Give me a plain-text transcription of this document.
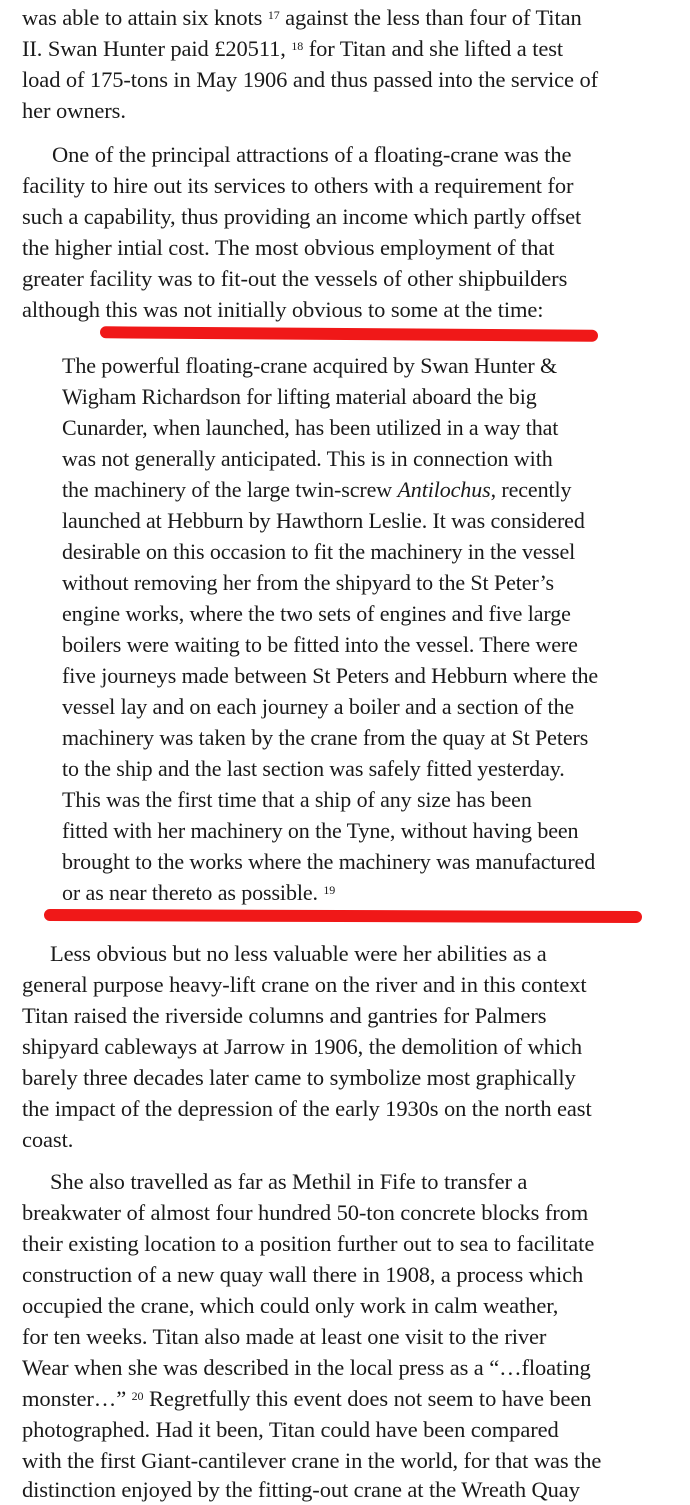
was able to attain six knots $^{17}$ against the less than four of Titan
II. Swan Hunter paid £20511, $^{18}$ for Titan and she lifted a test
load of 175-tons in May 1906 and thus passed into the service of
her owners.
One of the principal attractions of a floating-crane was the
facility to hire out its services to others with a requirement for
such a capability, thus providing an income which partly offset
the higher intial cost. The most obvious employment of that
greater facility was to fit-out the vessels of other shipbuilders
although this was not initially obvious to some at the time:
The powerful floating-crane acquired by Swan Hunter &
Wigham Richardson for lifting material aboard the big
Cunarder, when launched, has been utilized in a way that
was not generally anticipated. This is in connection with
the machinery of the large twin-screw Antilochus, recently
launched at Hebburn by Hawthorn Leslie. It was considered
desirable on this occasion to fit the machinery in the vessel
without removing her from the shipyard to the St Peter’s
engine works, where the two sets of engines and five large
boilers were waiting to be fitted into the vessel. There were
five journeys made between St Peters and Hebburn where the
vessel lay and on each journey a boiler and a section of the
machinery was taken by the crane from the quay at St Peters
to the ship and the last section was safely fitted yesterday.
This was the first time that a ship of any size has been
fitted with her machinery on the Tyne, without having been
brought to the works where the machinery was manufactured
or as near thereto as possible. $^{19}$
Less obvious but no less valuable were her abilities as a
general purpose heavy-lift crane on the river and in this context
Titan raised the riverside columns and gantries for Palmers
shipyard cableways at Jarrow in 1906, the demolition of which
barely three decades later came to symbolize most graphically
the impact of the depression of the early 1930s on the north east
coast.
She also travelled as far as Methil in Fife to transfer a
breakwater of almost four hundred 50-ton concrete blocks from
their existing location to a position further out to sea to facilitate
construction of a new quay wall there in 1908, a process which
occupied the crane, which could only work in calm weather,
for ten weeks. Titan also made at least one visit to the river
Wear when she was described in the local press as a “…floating
monster…” $^{20}$ Regretfully this event does not seem to have been
photographed. Had it been, Titan could have been compared
with the first Giant-cantilever crane in the world, for that was the
distinction enjoyed by the fitting-out crane at the Wreath Quay
